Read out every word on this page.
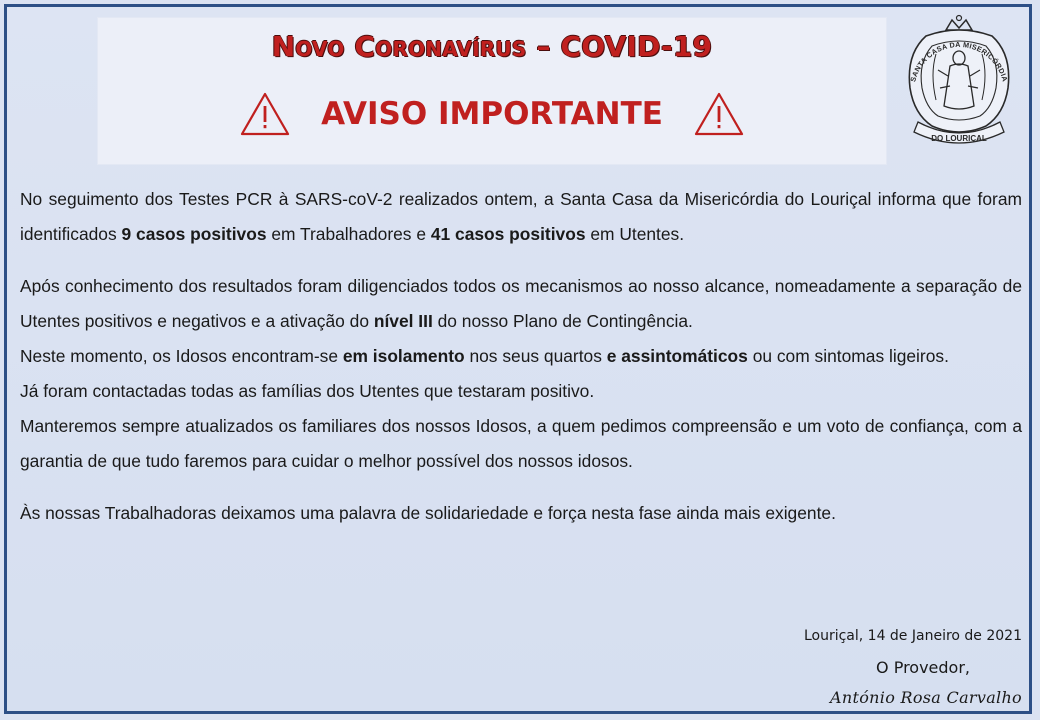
Novo Coronavírus – COVID-19
AVISO IMPORTANTE
DO LOURIÇAL
SANTA CASA DA MISERICÓRDIA

No seguimento dos Testes PCR à SARS-coV-2 realizados ontem, a Santa Casa da Misericórdia do Louriçal informa que foram identificados 9 casos positivos em Trabalhadores e 41 casos positivos em Utentes.

Após conhecimento dos resultados foram diligenciados todos os mecanismos ao nosso alcance, nomeadamente a separação de Utentes positivos e negativos e a ativação do nível III do nosso Plano de Contingência.

Neste momento, os Idosos encontram-se em isolamento nos seus quartos e assintomáticos ou com sintomas ligeiros.

Já foram contactadas todas as famílias dos Utentes que testaram positivo.

Manteremos sempre atualizados os familiares dos nossos Idosos, a quem pedimos compreensão e um voto de confiança, com a garantia de que tudo faremos para cuidar o melhor possível dos nossos idosos.

Às nossas Trabalhadoras deixamos uma palavra de solidariedade e força nesta fase ainda mais exigente.

Louriçal, 14 de Janeiro de 2021
O Provedor,
António Rosa Carvalho
